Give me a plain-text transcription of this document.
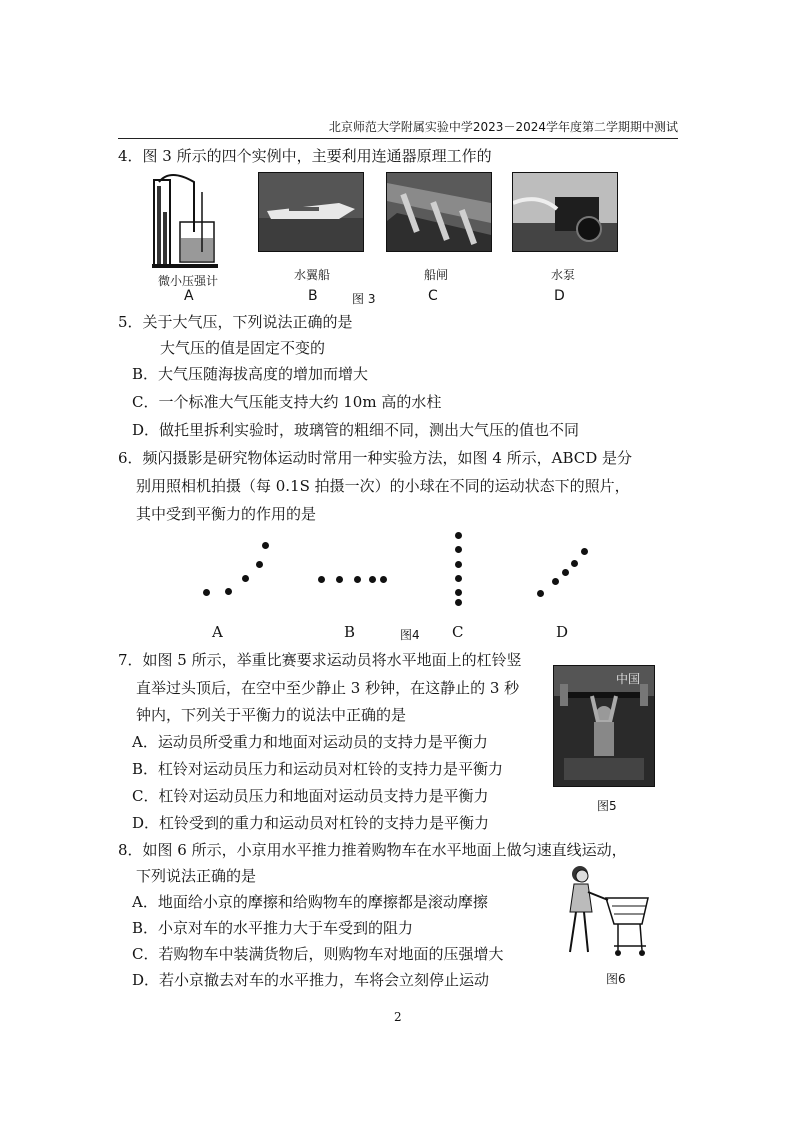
北京师范大学附属实验中学2023－2024学年度第二学期期中测试
4．图 3 所示的四个实例中，主要利用连通器原理工作的
微小压强计	水翼船	船闸	水泵
A	B	图 3	C	D
5．关于大气压，下列说法正确的是
大气压的值是固定不变的
B．大气压随海拔高度的增加而增大
C．一个标准大气压能支持大约 10m 高的水柱
D．做托里拆利实验时，玻璃管的粗细不同，测出大气压的值也不同
6．频闪摄影是研究物体运动时常用一种实验方法，如图 4 所示，ABCD 是分
别用照相机拍摄（每 0.1S 拍摄一次）的小球在不同的运动状态下的照片，
其中受到平衡力的作用的是
A	B	图4 C	D
7．如图 5 所示，举重比赛要求运动员将水平地面上的杠铃竖
直举过头顶后，在空中至少静止 3 秒钟，在这静止的 3 秒
钟内，下列关于平衡力的说法中正确的是
A．运动员所受重力和地面对运动员的支持力是平衡力
B．杠铃对运动员压力和运动员对杠铃的支持力是平衡力
C．杠铃对运动员压力和地面对运动员支持力是平衡力
D．杠铃受到的重力和运动员对杠铃的支持力是平衡力
中国
图5
8．如图 6 所示，小京用水平推力推着购物车在水平地面上做匀速直线运动，
下列说法正确的是
A．地面给小京的摩擦和给购物车的摩擦都是滚动摩擦
B．小京对车的水平推力大于车受到的阻力
C．若购物车中装满货物后，则购物车对地面的压强增大
D．若小京撤去对车的水平推力，车将会立刻停止运动	图6
2
